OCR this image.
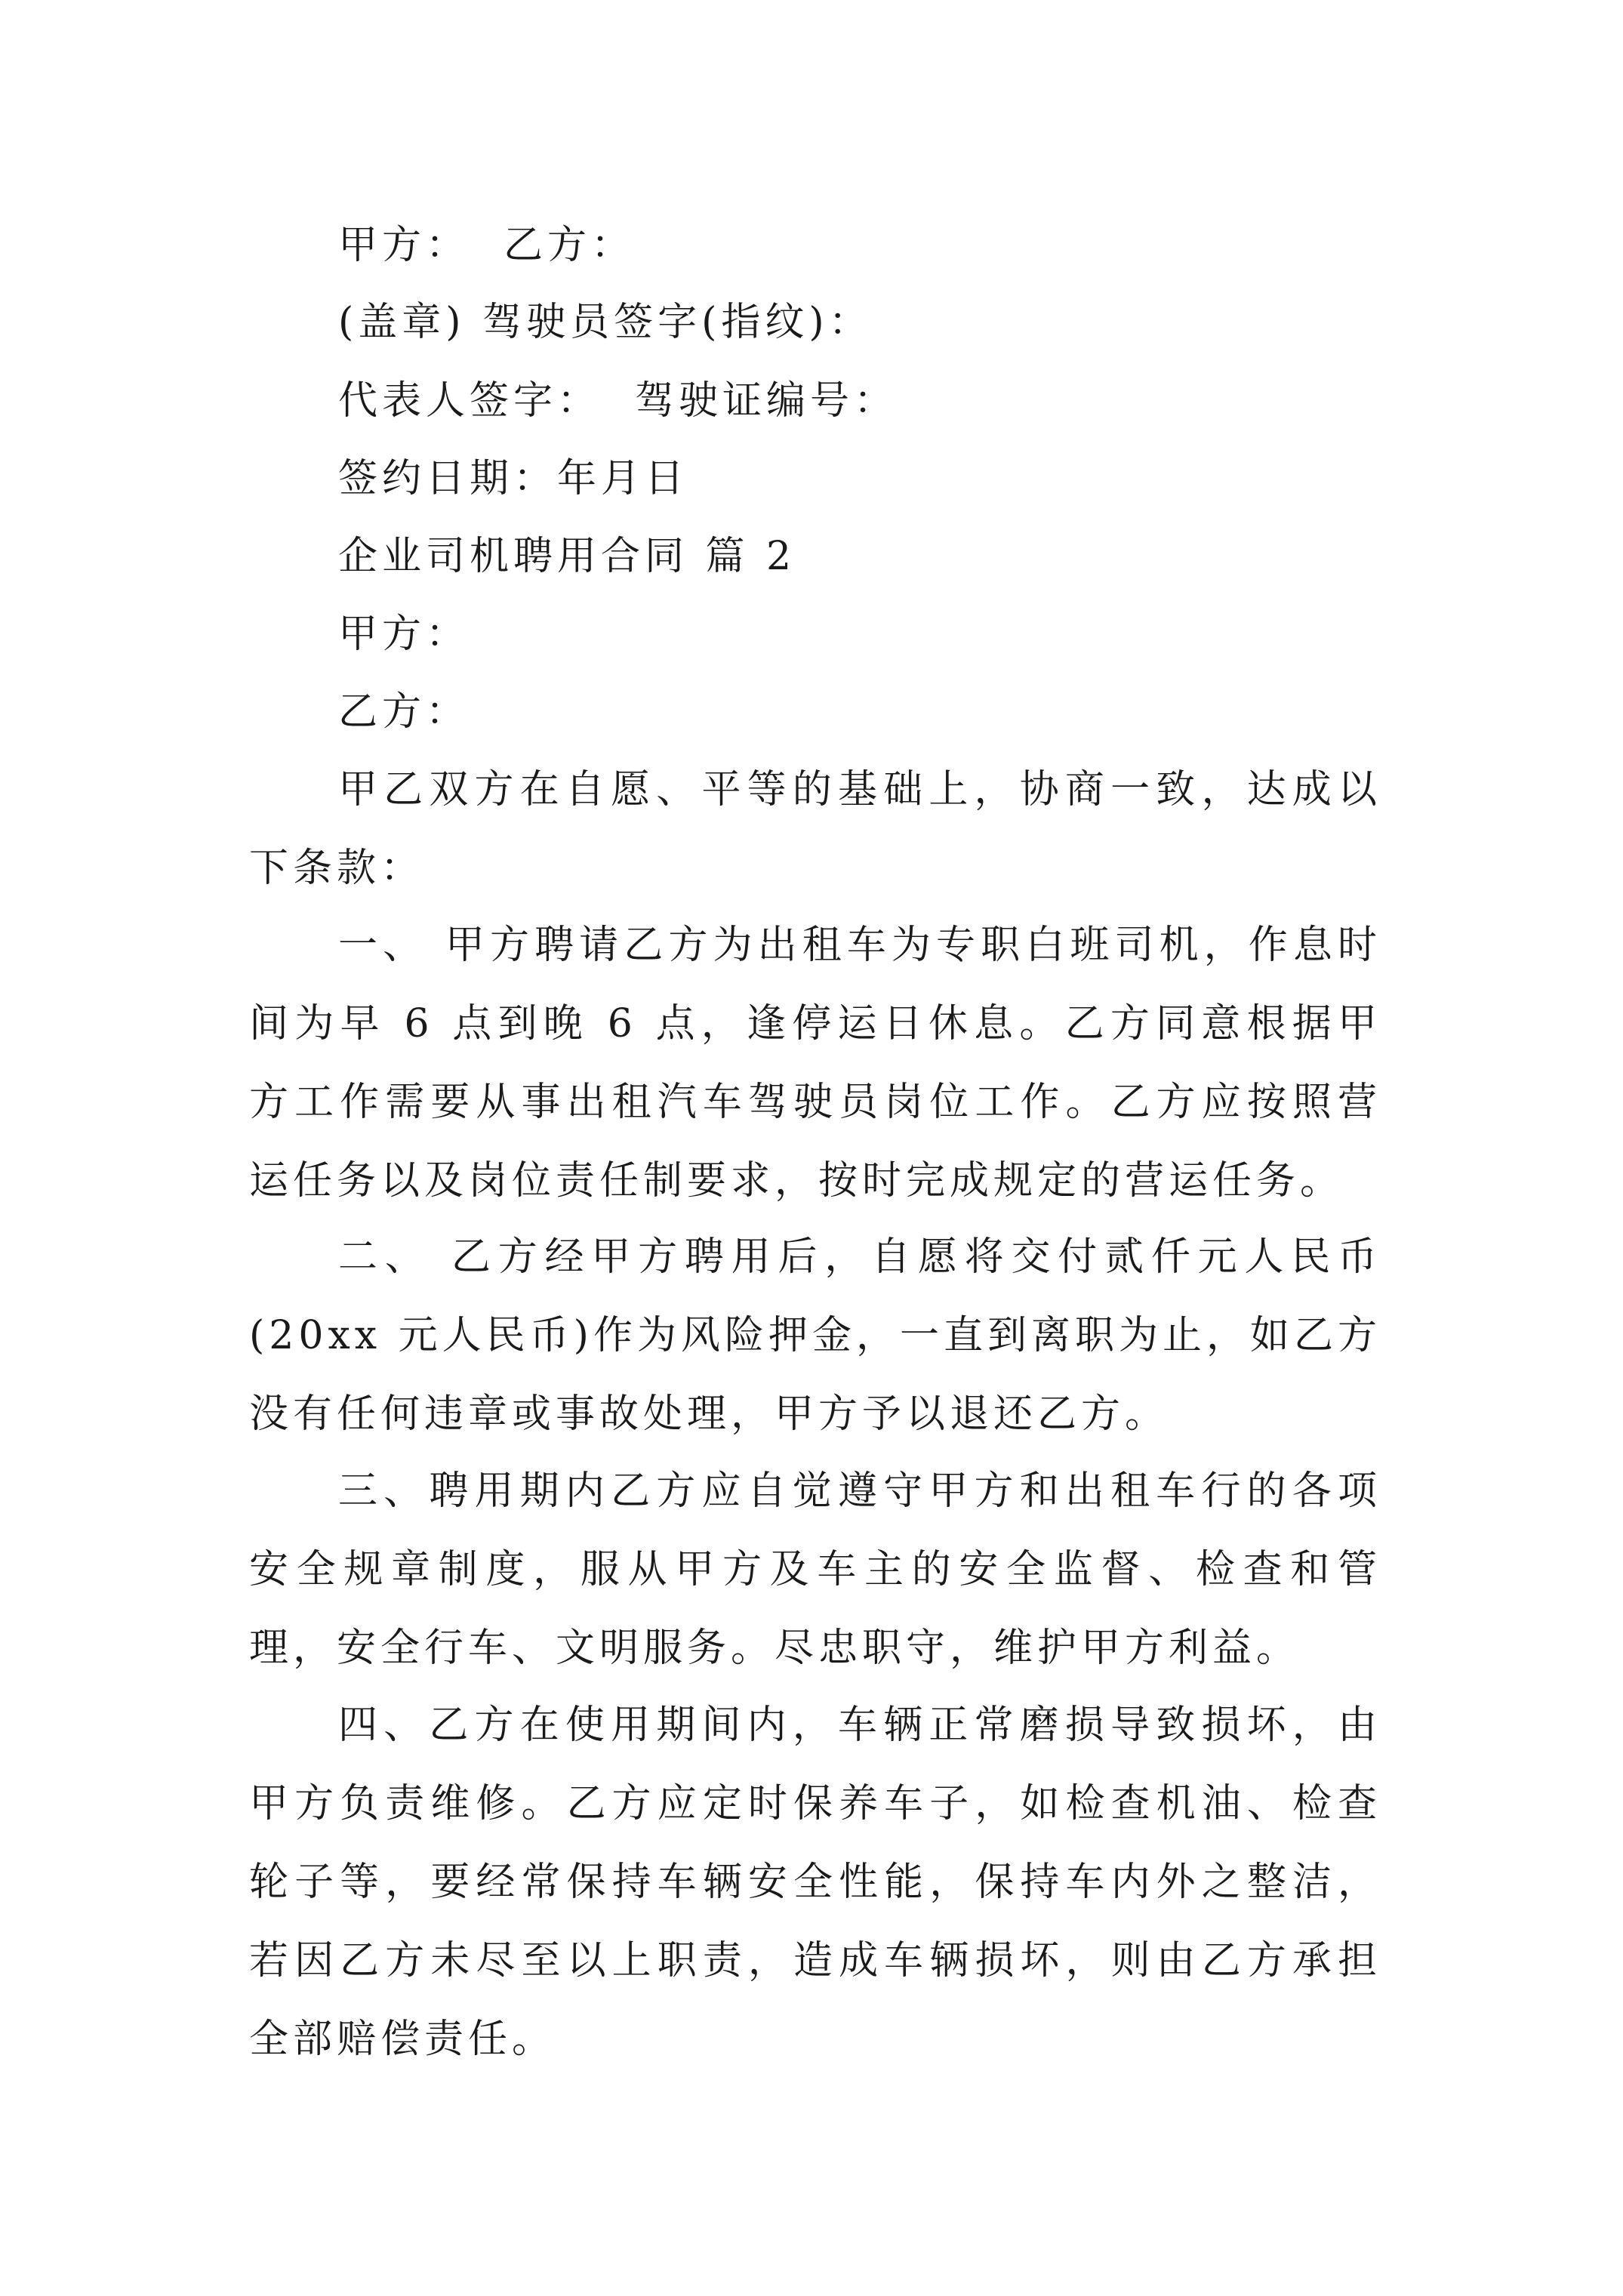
甲方：  乙方：
(盖章) 驾驶员签字(指纹)：
代表人签字：  驾驶证编号：
签约日期：年月日
企业司机聘用合同 篇 2
甲方：
乙方：

甲乙双方在自愿、平等的基础上，协商一致，达成以下条款：

一、 甲方聘请乙方为出租车为专职白班司机，作息时间为早 6 点到晚 6 点，逢停运日休息。乙方同意根据甲方工作需要从事出租汽车驾驶员岗位工作。乙方应按照营运任务以及岗位责任制要求，按时完成规定的营运任务。

二、 乙方经甲方聘用后，自愿将交付贰仟元人民币(20xx 元人民币)作为风险押金，一直到离职为止，如乙方没有任何违章或事故处理，甲方予以退还乙方。

三、聘用期内乙方应自觉遵守甲方和出租车行的各项安全规章制度，服从甲方及车主的安全监督、检查和管理，安全行车、文明服务。尽忠职守，维护甲方利益。

四、乙方在使用期间内，车辆正常磨损导致损坏，由甲方负责维修。乙方应定时保养车子，如检查机油、检查轮子等，要经常保持车辆安全性能，保持车内外之整洁，若因乙方未尽至以上职责，造成车辆损坏，则由乙方承担全部赔偿责任。
